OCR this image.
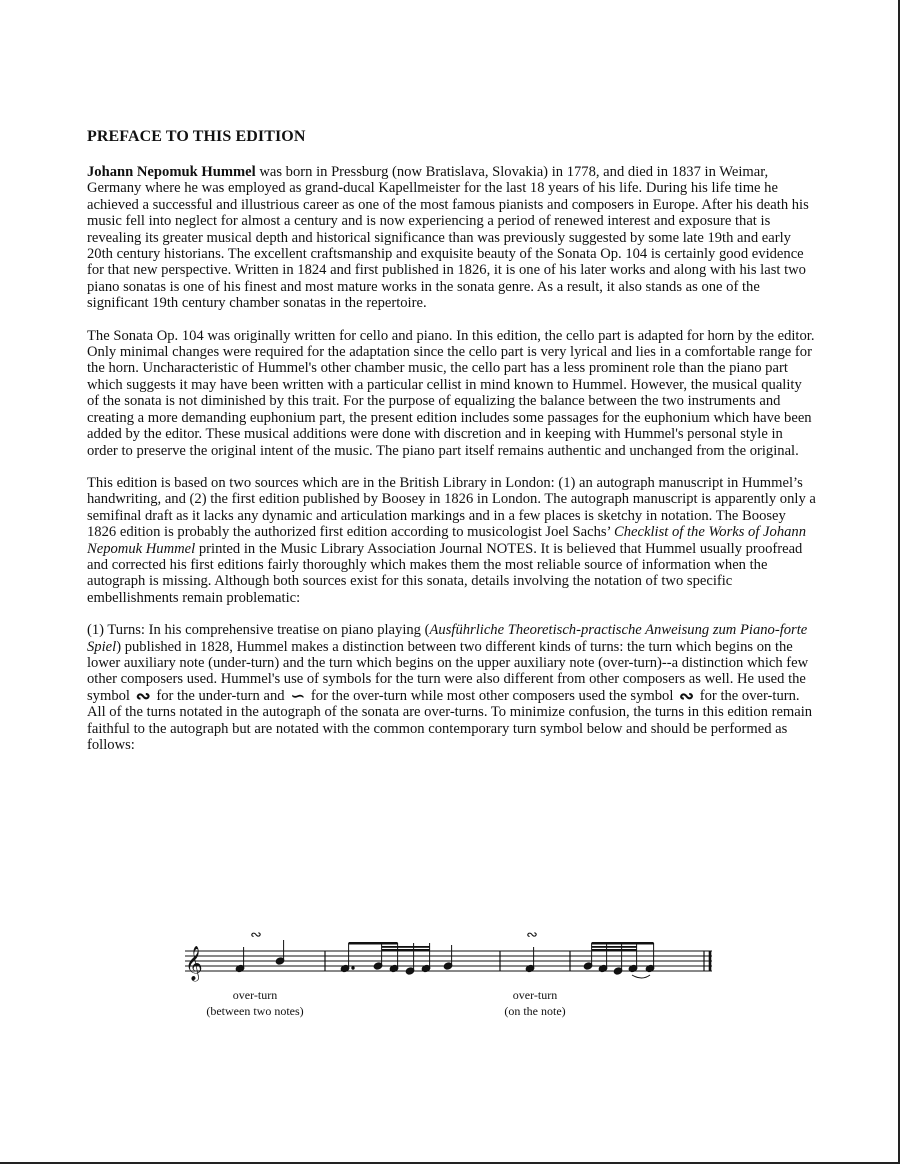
PREFACE TO THIS EDITION

Johann Nepomuk Hummel was born in Pressburg (now Bratislava, Slovakia) in 1778, and died in 1837 in Weimar, Germany where he was employed as grand-ducal Kapellmeister for the last 18 years of his life. During his life time he achieved a successful and illustrious career as one of the most famous pianists and composers in Europe. After his death his music fell into neglect for almost a century and is now experiencing a period of renewed interest and exposure that is revealing its greater musical depth and historical significance than was previously suggested by some late 19th and early 20th century historians. The excellent craftsmanship and exquisite beauty of the Sonata Op. 104 is certainly good evidence for that new perspective. Written in 1824 and first published in 1826, it is one of his later works and along with his last two piano sonatas is one of his finest and most mature works in the sonata genre. As a result, it also stands as one of the significant 19th century chamber sonatas in the repertoire.

The Sonata Op. 104 was originally written for cello and piano. In this edition, the cello part is adapted for horn by the editor. Only minimal changes were required for the adaptation since the cello part is very lyrical and lies in a comfortable range for the horn. Uncharacteristic of Hummel's other chamber music, the cello part has a less prominent role than the piano part which suggests it may have been written with a particular cellist in mind known to Hummel. However, the musical quality of the sonata is not diminished by this trait. For the purpose of equalizing the balance between the two instruments and creating a more demanding euphonium part, the present edition includes some passages for the euphonium which have been added by the editor. These musical additions were done with discretion and in keeping with Hummel's personal style in order to preserve the original intent of the music. The piano part itself remains authentic and unchanged from the original.

This edition is based on two sources which are in the British Library in London: (1) an autograph manuscript in Hummel’s handwriting, and (2) the first edition published by Boosey in 1826 in London. The autograph manuscript is apparently only a semifinal draft as it lacks any dynamic and articulation markings and in a few places is sketchy in notation. The Boosey 1826 edition is probably the authorized first edition according to musicologist Joel Sachs’ Checklist of the Works of Johann Nepomuk Hummel printed in the Music Library Association Journal NOTES. It is believed that Hummel usually proofread and corrected his first editions fairly thoroughly which makes them the most reliable source of information when the autograph is missing. Although both sources exist for this sonata, details involving the notation of two specific embellishments remain problematic:

(1) Turns: In his comprehensive treatise on piano playing (Ausführliche Theoretisch-practische Anweisung zum Piano-forte Spiel) published in 1828, Hummel makes a distinction between two different kinds of turns: the turn which begins on the lower auxiliary note (under-turn) and the turn which begins on the upper auxiliary note (over-turn)--a distinction which few other composers used. Hummel's use of symbols for the turn were also different from other composers as well. He used the symbol ∾ for the under-turn and ∽ for the over-turn while most other composers used the symbol ∾ for the over-turn. All of the turns notated in the autograph of the sonata are over-turns. To minimize confusion, the turns in this edition remain faithful to the autograph but are notated with the common contemporary turn symbol below and should be performed as follows:

𝄞
∾	∾
over-turn
(between two notes)
over-turn
(on the note)
